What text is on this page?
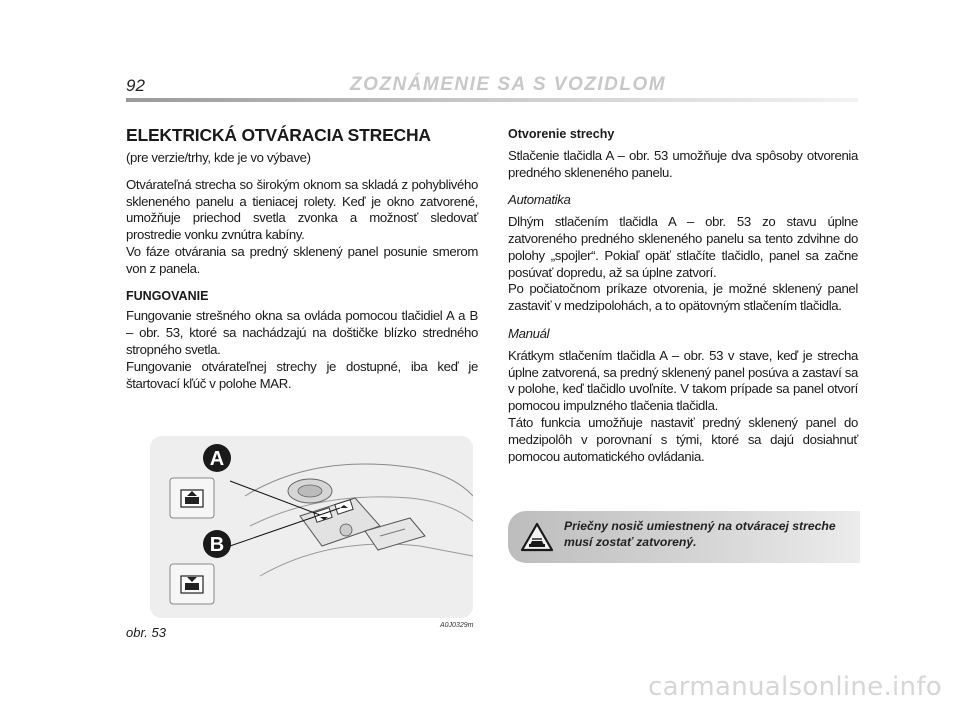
92	ZOZNÁMENIE SA S VOZIDLOM
ELEKTRICKÁ OTVÁRACIA STRECHA

(pre verzie/trhy, kde je vo výbave)

Otvárateľná strecha so širokým oknom sa skladá z pohyblivého skleneného panelu a tieniacej rolety. Keď je okno zatvorené, umožňuje priechod svetla zvonka a možnosť sledovať prostredie vonku zvnútra kabíny.

Vo fáze otvárania sa predný sklenený panel posunie smerom von z panela.

FUNGOVANIE

Fungovanie strešného okna sa ovláda pomocou tlačidiel A a B – obr. 53, ktoré sa nachádzajú na doštičke blízko stredného stropného svetla.

Fungovanie otvárateľnej strechy je dostupné, iba keď je štartovací kľúč v polohe MAR.

A
B
obr. 53	A0J0329m

Otvorenie strechy

Stlačenie tlačidla A – obr. 53 umožňuje dva spôsoby otvorenia predného skleneného panelu.

Automatika

Dlhým stlačením tlačidla A – obr. 53 zo stavu úplne zatvoreného predného skleneného panelu sa tento zdvihne do polohy „spojler“. Pokiaľ opäť stlačíte tlačidlo, panel sa začne posúvať dopredu, až sa úplne zatvorí.

Po počiatočnom príkaze otvorenia, je možné sklenený panel zastaviť v medzipolohách, a to opätovným stlačením tlačidla.

Manuál

Krátkym stlačením tlačidla A – obr. 53 v stave, keď je strecha úplne zatvorená, sa predný sklenený panel posúva a zastaví sa v polohe, keď tlačidlo uvoľníte. V takom prípade sa panel otvorí pomocou impulzného tlačenia tlačidla.

Táto funkcia umožňuje nastaviť predný sklenený panel do medzipolôh v porovnaní s tými, ktoré sa dajú dosiahnuť pomocou automatického ovládania.

Priečny nosič umiestnený na otváracej streche musí zostať zatvorený.
carmanualsonline.info
